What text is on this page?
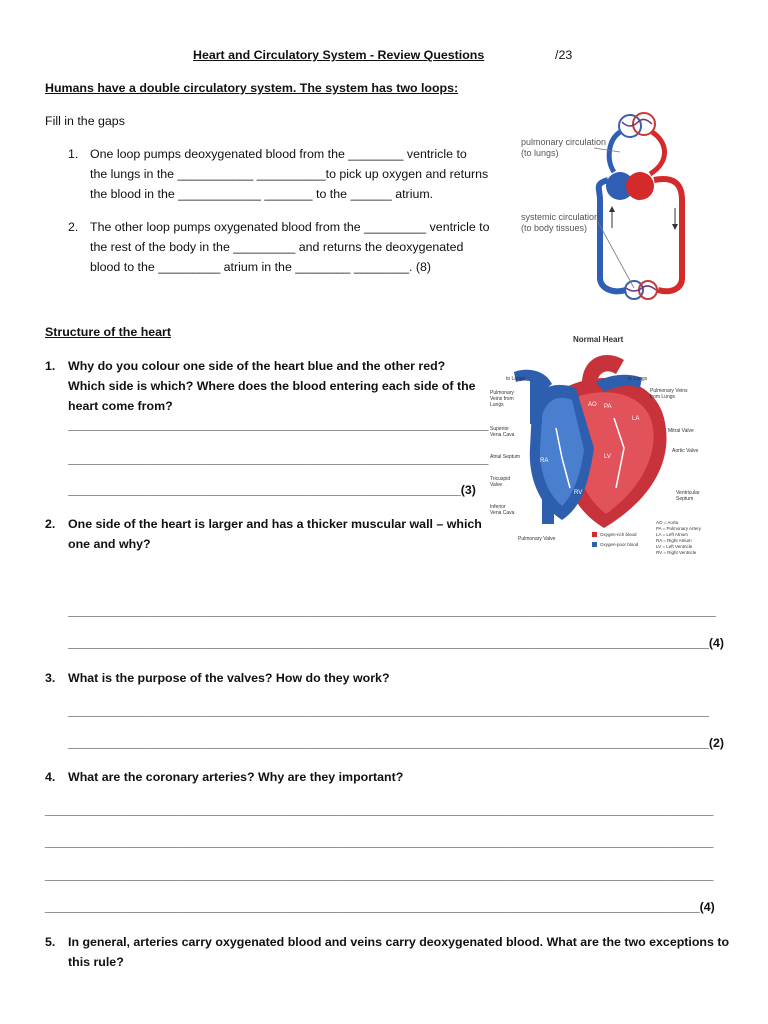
Heart and Circulatory System - Review Questions	/23
Humans have a double circulatory system. The system has two loops:
Fill in the gaps
1. One loop pumps deoxygenated blood from the ________ ventricle to
the lungs in the ___________ __________to pick up oxygen and returns
the blood in the ____________ _______ to the ______ atrium.
2. The other loop pumps oxygenated blood from the _________ ventricle to
the rest of the body in the _________ and returns the deoxygenated
blood to the _________ atrium in the ________ ________. (8)
pulmonary circulation
(to lungs)
systemic circulation
(to body tissues)
Structure of the heart
1. Why do you colour one side of the heart blue and the other red?
Which side is which? Where does the blood entering each side of the
heart come from?
_____________________________________________________________
_____________________________________________________________
_________________________________________________________(3)
Normal Heart
AO PA
LA
RA
LV
RV
to Lungs
Pulmonary
Veins from
Lungs
Superior
Vena Cava
Atrial Septum
Tricuspid
Valve
Inferior
Vena Cava
Pulmonary Valve
to Lungs
Pulmonary Veins
from Lungs
Mitral Valve
Aortic Valve
Ventricular
Septum
Oxygen-rich blood
Oxygen-poor blood
AO = Aorta
PA = Pulmonary Artery
LA = Left Atrium
RA = Right Atrium
LV = Left Ventricle
RV = Right Ventricle
2. One side of the heart is larger and has a thicker muscular wall – which
one and why?
______________________________________________________________________________________________
_____________________________________________________________________________________________(4)
3. What is the purpose of the valves? How do they work?
_____________________________________________________________________________________________
_____________________________________________________________________________________________(2)
4. What are the coronary arteries? Why are they important?
_________________________________________________________________________________________________
_________________________________________________________________________________________________
_________________________________________________________________________________________________
_______________________________________________________________________________________________(4)
5. In general, arteries carry oxygenated blood and veins carry deoxygenated blood. What are the two exceptions to
this rule?
